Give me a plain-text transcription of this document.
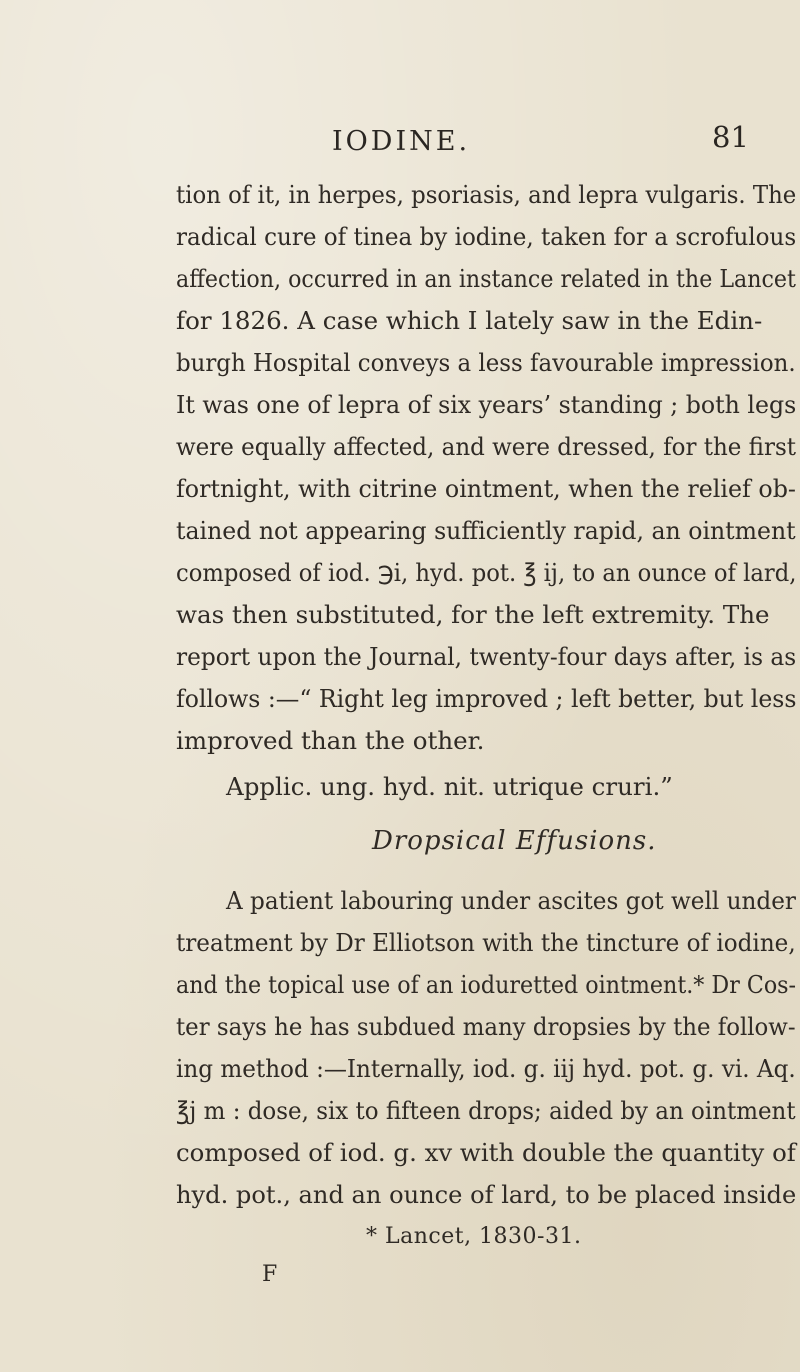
IODINE.	81
tion of it, in herpes, psoriasis, and lepra vulgaris. The
radical cure of tinea by iodine, taken for a scrofulous
affection, occurred in an instance related in the Lancet
for 1826. A case which I lately saw in the Edin-
burgh Hospital conveys a less favourable impression.
It was one of lepra of six years’ standing ; both legs
were equally affected, and were dressed, for the first
fortnight, with citrine ointment, when the relief ob-
tained not appearing sufficiently rapid, an ointment
composed of iod. ℈i, hyd. pot. ℥ ij, to an ounce of lard,
was then substituted, for the left extremity. The
report upon the Journal, twenty-four days after, is as
follows :—“ Right leg improved ; left better, but less
improved than the other.
Applic. ung. hyd. nit. utrique cruri.”
Dropsical Effusions.
A patient labouring under ascites got well under
treatment by Dr Elliotson with the tincture of iodine,
and the topical use of an ioduretted ointment.* Dr Cos-
ter says he has subdued many dropsies by the follow-
ing method :—Internally, iod. g. iij hyd. pot. g. vi. Aq.
℥j m : dose, six to fifteen drops; aided by an ointment
composed of iod. g. xv with double the quantity of
hyd. pot., and an ounce of lard, to be placed inside
* Lancet, 1830-31.
F
